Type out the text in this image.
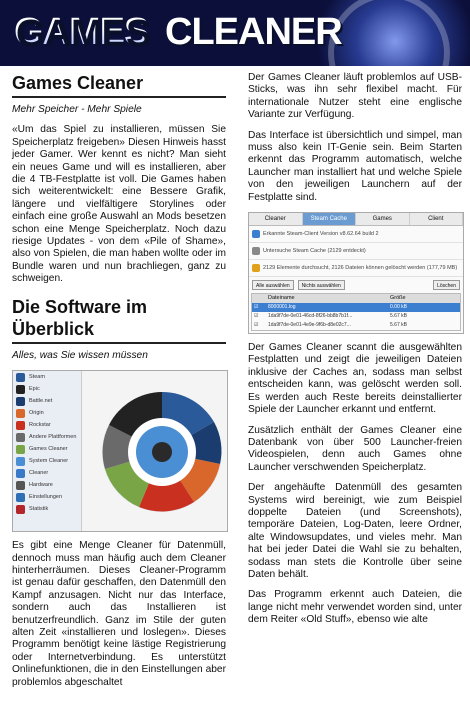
GAMES CLEANER
Games Cleaner
Mehr Speicher - Mehr Spiele

«Um das Spiel zu installieren, müssen Sie Speicherplatz freigeben» Diesen Hinweis hasst jeder Gamer. Wer kennt es nicht? Man sieht ein neues Game und will es installieren, aber die 4 TB-Festplatte ist voll. Die Games haben sich weiterentwickelt: eine Bessere Grafik, längere und vielfältigere Storylines oder einfach eine große Auswahl an Mods besetzen schon eine Menge Speicherplatz. Noch dazu riesige Updates - von dem «Pile of Shame», also von Spielen, die man haben wollte oder im Bundle waren und nun brachliegen, ganz zu schweigen.

Die Software im Überblick
Alles, was Sie wissen müssen
Steam
Epic
Battle.net
Origin
Rockstar
Andere Plattformen
Games Cleaner
System Cleaner
Cleaner
Hardware
Einstellungen
Statistik

Es gibt eine Menge Cleaner für Datenmüll, dennoch muss man häufig auch dem Cleaner hinterherräumen. Dieses Cleaner-Programm ist genau dafür geschaffen, den Datenmüll den Kampf anzusagen. Nicht nur das Interface, sondern auch das Installieren ist benutzerfreundlich. Ganz im Stile der guten alten Zeit «installieren und loslegen». Dieses Programm benötigt keine lästige Registrierung oder Internetverbindung. Es unterstützt Onlinefunktionen, die in den Einstellungen aber problemlos abgeschaltet

Der Games Cleaner läuft problemlos auf USB-Sticks, was ihn sehr flexibel macht. Für internationale Nutzer steht eine englische Variante zur Verfügung.

Das Interface ist übersichtlich und simpel, man muss also kein IT-Genie sein. Beim Starten erkennt das Programm automatisch, welche Launcher man installiert hat und welche Spiele von den jeweiligen Launchern auf der Festplatte sind.

Cleaner	Steam Cache	Games	Client
Erkannte Steam-Client Version v8.62.64 build 2
Untersuche Steam Cache (2129 entdeckt)
2129 Elemente durchsucht, 2126 Dateien können gelöscht werden (177,79 MB)
Alle auswählen	Nichts auswählen	Löschen
Dateiname	Größe
☑	8000001.log	0.00 kB
☑	1da9f7de-0e01-46cd-8f26-bb8b7b1f...	5.67 kB
☑	1da9f7de-0e01-4e9e-9f6b-d8e02c7...	5.67 kB

Der Games Cleaner scannt die ausgewählten Festplatten und zeigt die jeweiligen Dateien inklusive der Caches an, sodass man selbst entscheiden kann, was gelöscht werden soll. Es werden auch Reste bereits deinstallierter Spiele der Launcher erkannt und entfernt.

Zusätzlich enthält der Games Cleaner eine Datenbank von über 500 Launcher-freien Videospielen, denn auch Games ohne Launcher verschwenden Speicherplatz.

Der angehäufte Datenmüll des gesamten Systems wird bereinigt, wie zum Beispiel doppelte Dateien (und Screenshots), temporäre Dateien, Log-Daten, leere Ordner, alte Windowsupdates, und vieles mehr. Man hat bei jeder Datei die Wahl sie zu behalten, sodass man stets die Kontrolle über seine Daten behält.

Das Programm erkennt auch Dateien, die lange nicht mehr verwendet worden sind, unter dem Reiter «Old Stuff», ebenso wie alte
